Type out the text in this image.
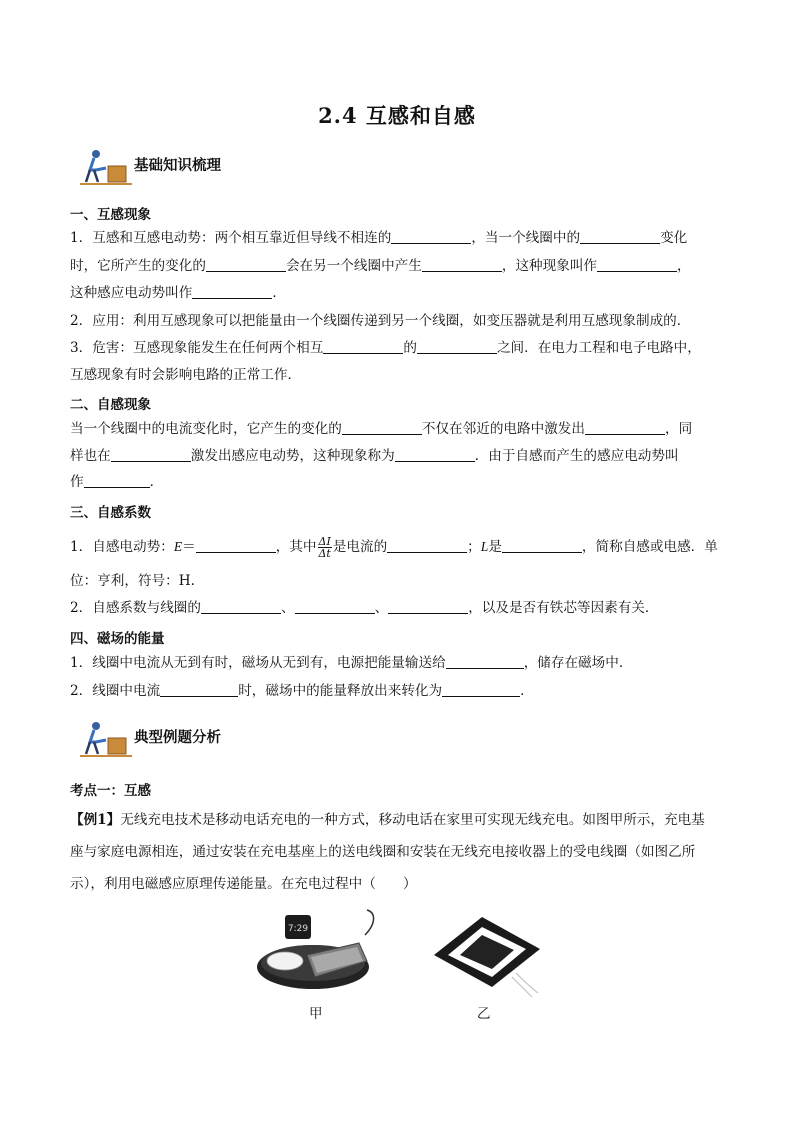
2.4 互感和自感
基础知识梳理
一、互感现象
1．互感和互感电动势：两个相互靠近但导线不相连的	，当一个线圈中的	变化
时，它所产生的变化的	会在另一个线圈中产生	，这种现象叫作	，
这种感应电动势叫作	．
2．应用：利用互感现象可以把能量由一个线圈传递到另一个线圈，如变压器就是利用互感现象制成的．
3．危害：互感现象能发生在任何两个相互	的	之间．在电力工程和电子电路中，
互感现象有时会影响电路的正常工作．
二、自感现象
当一个线圈中的电流变化时，它产生的变化的	不仅在邻近的电路中激发出	，同
样也在	激发出感应电动势，这种现象称为	．由于自感而产生的感应电动势叫
作	．
三、自感系数
1．自感电动势：E＝	，其中 $\frac{\Delta I}{\Delta t}$ 是电流的	；L是	，简称自感或电感．单
位：亨利，符号：H.
2．自感系数与线圈的	、	、	，以及是否有铁芯等因素有关．
四、磁场的能量
1．线圈中电流从无到有时，磁场从无到有，电源把能量输送给	，储存在磁场中．
2．线圈中电流	时，磁场中的能量释放出来转化为	．
典型例题分析
考点一：互感
【例1】无线充电技术是移动电话充电的一种方式，移动电话在家里可实现无线充电。如图甲所示，充电基
座与家庭电源相连，通过安装在充电基座上的送电线圈和安装在无线充电接收器上的受电线圈（如图乙所
示），利用电磁感应原理传递能量。在充电过程中（　　）
7:29
甲	乙
